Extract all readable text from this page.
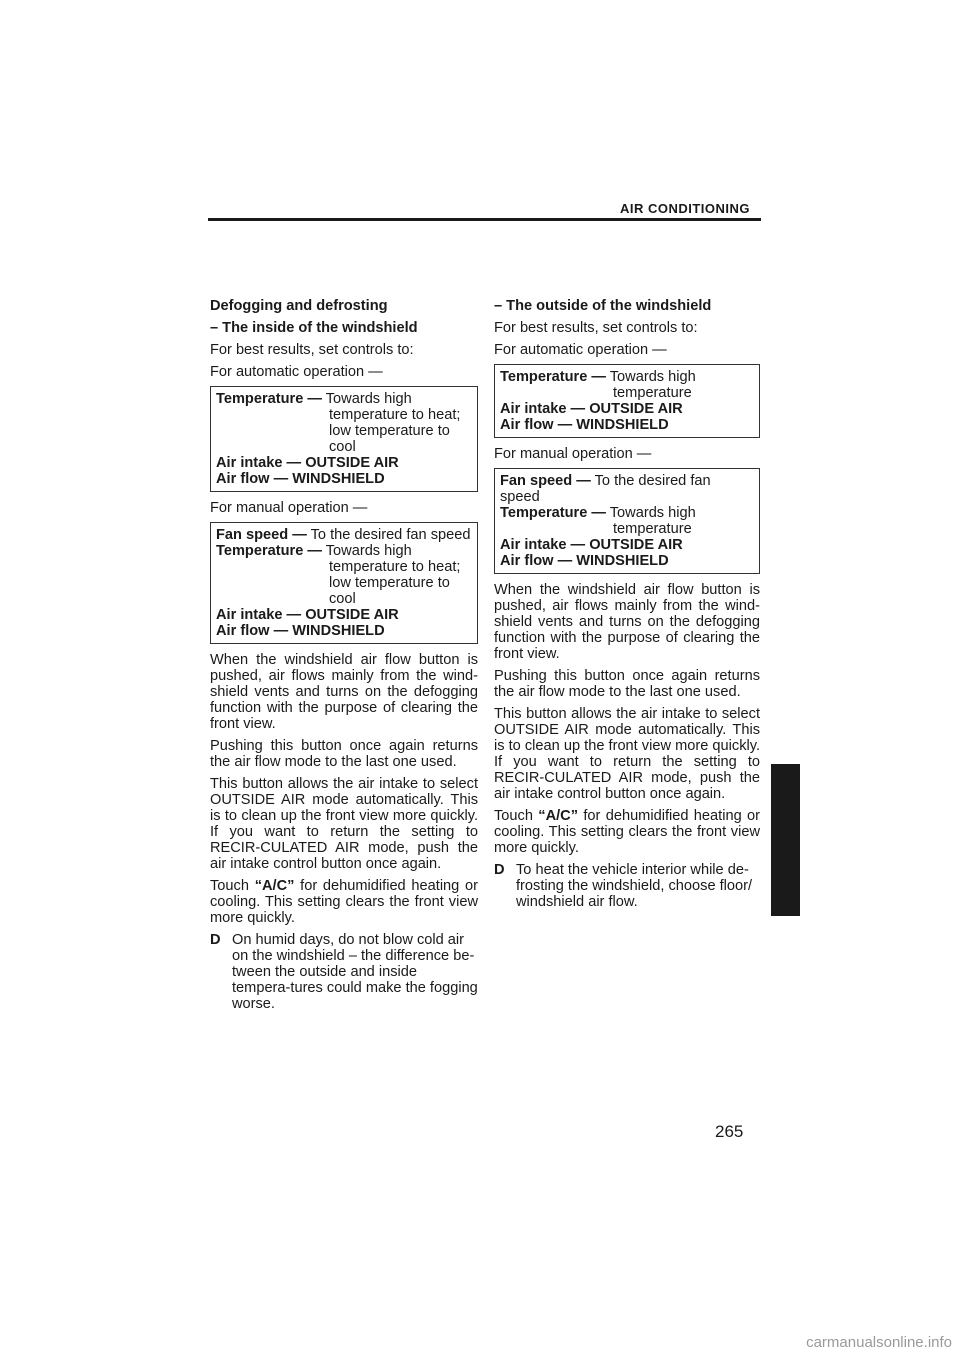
AIR CONDITIONING
Defogging and defrosting
– The inside of the windshield
For best results, set controls to:
For automatic operation —
Temperature — Towards high
temperature to heat;
low temperature to
cool
Air intake — OUTSIDE AIR
Air flow — WINDSHIELD
For manual operation —
Fan speed — To the desired fan speed
Temperature — Towards high
temperature to heat;
low temperature to
cool
Air intake — OUTSIDE AIR
Air flow — WINDSHIELD
When the windshield air flow button is pushed, air flows mainly from the wind-shield vents and turns on the defogging function with the purpose of clearing the front view.
Pushing this button once again returns the air flow mode to the last one used.
This button allows the air intake to select OUTSIDE AIR mode automatically. This is to clean up the front view more quickly. If you want to return the setting to RECIR-CULATED AIR mode, push the air intake control button once again.
Touch “A/C” for dehumidified heating or cooling. This setting clears the front view more quickly.
D On humid days, do not blow cold air on the windshield – the difference be-tween the outside and inside tempera-tures could make the fogging worse.
– The outside of the windshield
For best results, set controls to:
For automatic operation —
Temperature — Towards high
temperature
Air intake — OUTSIDE AIR
Air flow — WINDSHIELD
For manual operation —
Fan speed — To the desired fan speed
Temperature — Towards high
temperature
Air intake — OUTSIDE AIR
Air flow — WINDSHIELD
When the windshield air flow button is pushed, air flows mainly from the wind-shield vents and turns on the defogging function with the purpose of clearing the front view.
Pushing this button once again returns the air flow mode to the last one used.
This button allows the air intake to select OUTSIDE AIR mode automatically. This is to clean up the front view more quickly. If you want to return the setting to RECIR-CULATED AIR mode, push the air intake control button once again.
Touch “A/C” for dehumidified heating or cooling. This setting clears the front view more quickly.
D To heat the vehicle interior while de-frosting the windshield, choose floor/ windshield air flow.
265
carmanualsonline.info
